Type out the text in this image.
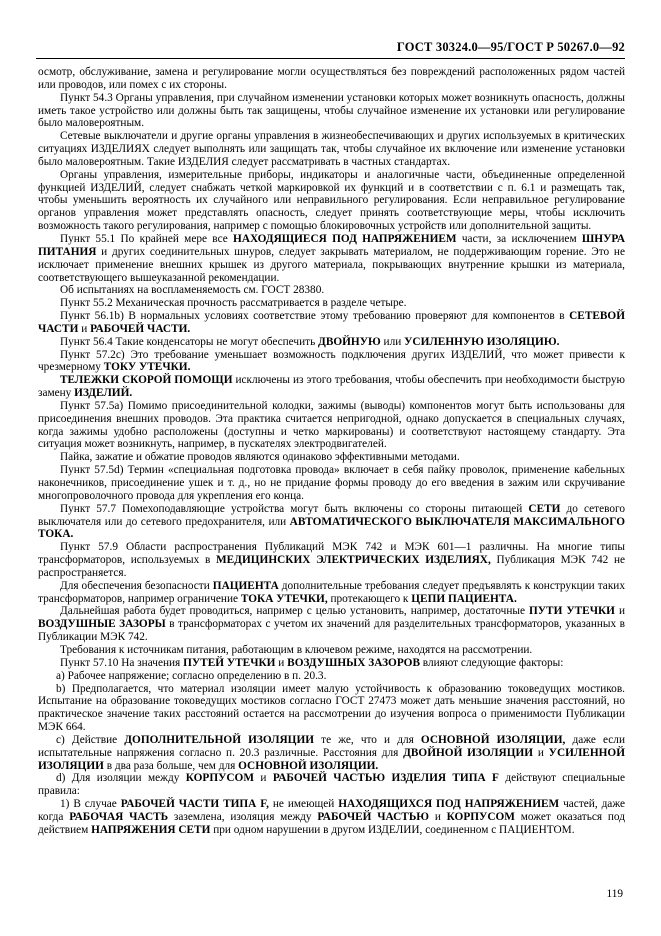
ГОСТ 30324.0—95/ГОСТ Р 50267.0—92

осмотр, обслуживание, замена и регулирование могли осуществляться без повреждений расположенных рядом частей или проводов, или помех с их стороны.

Пункт 54.3 Органы управления, при случайном изменении установки которых может возникнуть опасность, должны иметь такое устройство или должны быть так защищены, чтобы случайное изменение их установки или регулирование было маловероятным.

Сетевые выключатели и другие органы управления в жизнеобеспечивающих и других используемых в критических ситуациях ИЗДЕЛИЯХ следует выполнять или защищать так, чтобы случайное их включение или изменение установки было маловероятным. Такие ИЗДЕЛИЯ следует рассматривать в частных стандартах.

Органы управления, измерительные приборы, индикаторы и аналогичные части, объединенные определенной функцией ИЗДЕЛИЙ, следует снабжать четкой маркировкой их функций и в соответствии с п. 6.1 и размещать так, чтобы уменьшить вероятность их случайного или неправильного регулирования. Если неправильное регулирование органов управления может представлять опасность, следует принять соответствующие меры, чтобы исключить возможность такого регулирования, например с помощью блокировочных устройств или дополнительной защиты.

Пункт 55.1 По крайней мере все НАХОДЯЩИЕСЯ ПОД НАПРЯЖЕНИЕМ части, за исключением ШНУРА ПИТАНИЯ и других соединительных шнуров, следует закрывать материалом, не поддерживающим горение. Это не исключает применение внешних крышек из другого материала, покрывающих внутренние крышки из материала, соответствующего вышеуказанной рекомендации.

Об испытаниях на воспламеняемость см. ГОСТ 28380.

Пункт 55.2 Механическая прочность рассматривается в разделе четыре.

Пункт 56.1b) В нормальных условиях соответствие этому требованию проверяют для компонентов в СЕТЕВОЙ ЧАСТИ и РАБОЧЕЙ ЧАСТИ.

Пункт 56.4 Такие конденсаторы не могут обеспечить ДВОЙНУЮ или УСИЛЕННУЮ ИЗОЛЯЦИЮ.

Пункт 57.2с) Это требование уменьшает возможность подключения других ИЗДЕЛИЙ, что может привести к чрезмерному ТОКУ УТЕЧКИ.

ТЕЛЕЖКИ СКОРОЙ ПОМОЩИ исключены из этого требования, чтобы обеспечить при необходимости быструю замену ИЗДЕЛИЙ.

Пункт 57.5а) Помимо присоединительной колодки, зажимы (выводы) компонентов могут быть использованы для присоединения внешних проводов. Эта практика считается непригодной, однако допускается в специальных случаях, когда зажимы удобно расположены (доступны и четко маркированы) и соответствуют настоящему стандарту. Эта ситуация может возникнуть, например, в пускателях электродвигателей.

Пайка, зажатие и обжатие проводов являются одинаково эффективными методами.

Пункт 57.5d) Термин «специальная подготовка провода» включает в себя пайку проволок, применение кабельных наконечников, присоединение ушек и т. д., но не придание формы проводу до его введения в зажим или скручивание многопроволочного провода для укрепления его конца.

Пункт 57.7 Помехоподавляющие устройства могут быть включены со стороны питающей СЕТИ до сетевого выключателя или до сетевого предохранителя, или АВТОМАТИЧЕСКОГО ВЫКЛЮЧАТЕЛЯ МАКСИМАЛЬНОГО ТОКА.

Пункт 57.9 Области распространения Публикаций МЭК 742 и МЭК 601—1 различны. На многие типы трансформаторов, используемых в МЕДИЦИНСКИХ ЭЛЕКТРИЧЕСКИХ ИЗДЕЛИЯХ, Публикация МЭК 742 не распространяется.

Для обеспечения безопасности ПАЦИЕНТА дополнительные требования следует предъявлять к конструкции таких трансформаторов, например ограничение ТОКА УТЕЧКИ, протекающего к ЦЕПИ ПАЦИЕНТА.

Дальнейшая работа будет проводиться, например с целью установить, например, достаточные ПУТИ УТЕЧКИ и ВОЗДУШНЫЕ ЗАЗОРЫ в трансформаторах с учетом их значений для разделительных трансформаторов, указанных в Публикации МЭК 742.

Требования к источникам питания, работающим в ключевом режиме, находятся на рассмотрении.

Пункт 57.10 На значения ПУТЕЙ УТЕЧКИ и ВОЗДУШНЫХ ЗАЗОРОВ влияют следующие факторы:

а) Рабочее напряжение; согласно определению в п. 20.3.

b) Предполагается, что материал изоляции имеет малую устойчивость к образованию токоведущих мостиков. Испытание на образование токоведущих мостиков согласно ГОСТ 27473 может дать меньшие значения расстояний, но практическое значение таких расстояний остается на рассмотрении до изучения вопроса о применимости Публикации МЭК 664.

с) Действие ДОПОЛНИТЕЛЬНОЙ ИЗОЛЯЦИИ те же, что и для ОСНОВНОЙ ИЗОЛЯЦИИ, даже если испытательные напряжения согласно п. 20.3 различные. Расстояния для ДВОЙНОЙ ИЗОЛЯЦИИ и УСИЛЕННОЙ ИЗОЛЯЦИИ в два раза больше, чем для ОСНОВНОЙ ИЗОЛЯЦИИ.

d) Для изоляции между КОРПУСОМ и РАБОЧЕЙ ЧАСТЬЮ ИЗДЕЛИЯ ТИПА F действуют специальные правила:

1) В случае РАБОЧЕЙ ЧАСТИ ТИПА F, не имеющей НАХОДЯЩИХСЯ ПОД НАПРЯЖЕНИЕМ частей, даже когда РАБОЧАЯ ЧАСТЬ заземлена, изоляция между РАБОЧЕЙ ЧАСТЬЮ и КОРПУСОМ может оказаться под действием НАПРЯЖЕНИЯ СЕТИ при одном нарушении в другом ИЗДЕЛИИ, соединенном с ПАЦИЕНТОМ.

119
